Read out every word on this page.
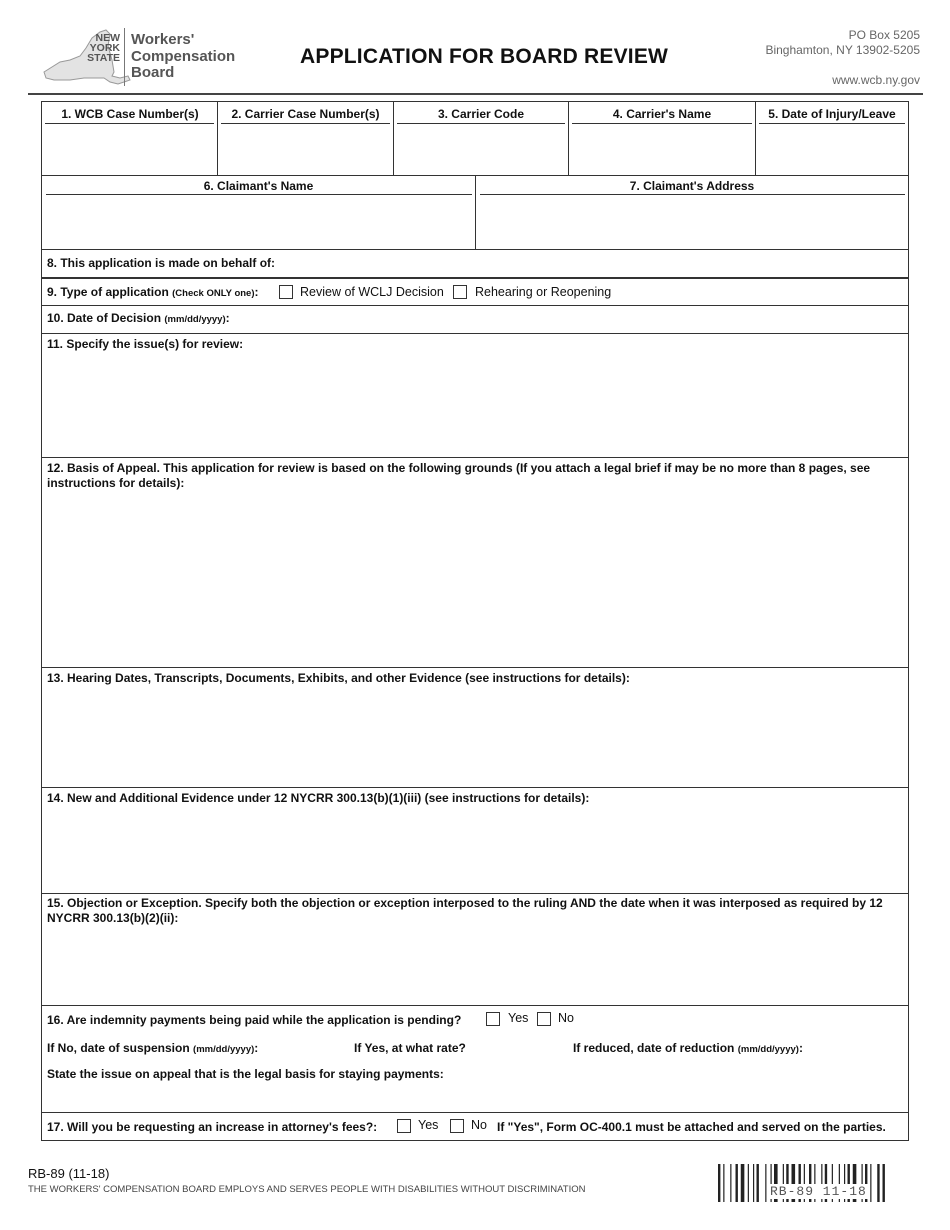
NEW
YORK
STATE
Workers'
Compensation
Board
APPLICATION FOR BOARD REVIEW
PO Box 5205
Binghamton, NY 13902-5205
www.wcb.ny.gov
1. WCB Case Number(s)	2. Carrier Case Number(s)	3. Carrier Code	4. Carrier's Name	5. Date of Injury/Leave
6. Claimant's Name	7. Claimant's Address
8. This application is made on behalf of:
9. Type of application (Check ONLY one):	Review of WCLJ Decision Rehearing or Reopening
10. Date of Decision (mm/dd/yyyy):
11. Specify the issue(s) for review:
12. Basis of Appeal. This application for review is based on the following grounds (If you attach a legal brief if may be no more than 8 pages, see instructions for details):
13. Hearing Dates, Transcripts, Documents, Exhibits, and other Evidence (see instructions for details):
14. New and Additional Evidence under 12 NYCRR 300.13(b)(1)(iii) (see instructions for details):
15. Objection or Exception. Specify both the objection or exception interposed to the ruling AND the date when it was interposed as required by 12 NYCRR 300.13(b)(2)(ii):
16. Are indemnity payments being paid while the application is pending?	Yes No
If No, date of suspension (mm/dd/yyyy):	If Yes, at what rate?	If reduced, date of reduction (mm/dd/yyyy):
State the issue on appeal that is the legal basis for staying payments:
17. Will you be requesting an increase in attorney's fees?:	Yes	No If "Yes", Form OC-400.1 must be attached and served on the parties.
RB-89 (11-18)
THE WORKERS' COMPENSATION BOARD EMPLOYS AND SERVES PEOPLE WITH DISABILITIES WITHOUT DISCRIMINATION	RB-89 11-18
